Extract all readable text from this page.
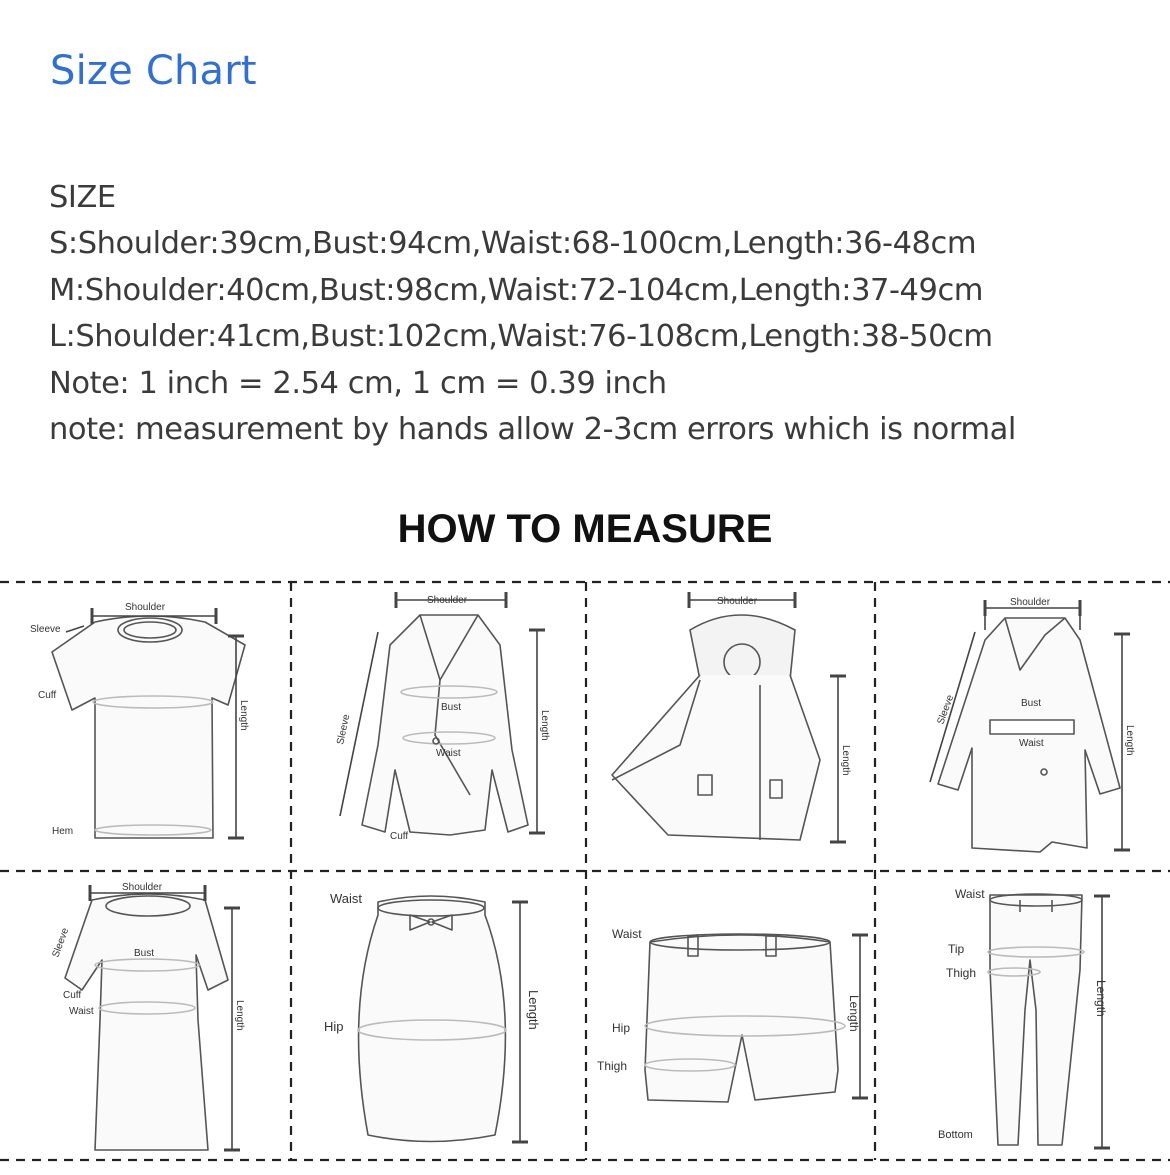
Size Chart
SIZE
S:Shoulder:39cm,Bust:94cm,Waist:68-100cm,Length:36-48cm
M:Shoulder:40cm,Bust:98cm,Waist:72-104cm,Length:37-49cm
L:Shoulder:41cm,Bust:102cm,Waist:76-108cm,Length:38-50cm
Note: 1 inch = 2.54 cm, 1 cm = 0.39 inch
note: measurement by hands allow 2-3cm errors which is normal
HOW TO MEASURE
Shoulder
Sleeve
Cuff
Length
Hem
Shoulder
Sleeve
Bust
Waist
Length
Cuff
Shoulder
Length
Shoulder
Sleeve	Bust
Waist	Length
Shoulder
Sleeve	Bust
Cuff
Waist	Length
Waist
Hip	Length
Waist
Hip
Thigh
Length
Waist
Tip
Thigh
Length
Bottom
